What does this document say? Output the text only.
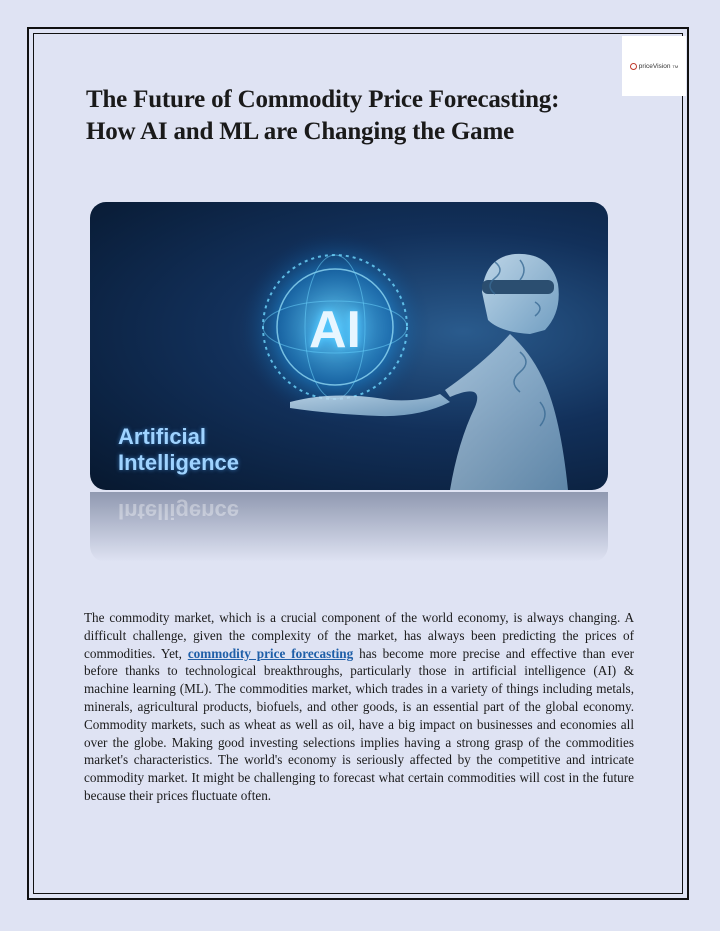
priceVision TM
The Future of Commodity Price Forecasting:
How AI and ML are Changing the Game
AI
Artificial
Intelligence
Intelligence
The commodity market, which is a crucial component of the world economy, is always changing. A difficult challenge, given the complexity of the market, has always been predicting the prices of commodities. Yet, commodity price forecasting has become more precise and effective than ever before thanks to technological breakthroughs, particularly those in artificial intelligence (AI) & machine learning (ML). The commodities market, which trades in a variety of things including metals, minerals, agricultural products, biofuels, and other goods, is an essential part of the global economy. Commodity markets, such as wheat as well as oil, have a big impact on businesses and economies all over the globe. Making good investing selections implies having a strong grasp of the commodities market's characteristics. The world's economy is seriously affected by the competitive and intricate commodity market. It might be challenging to forecast what certain commodities will cost in the future because their prices fluctuate often.
